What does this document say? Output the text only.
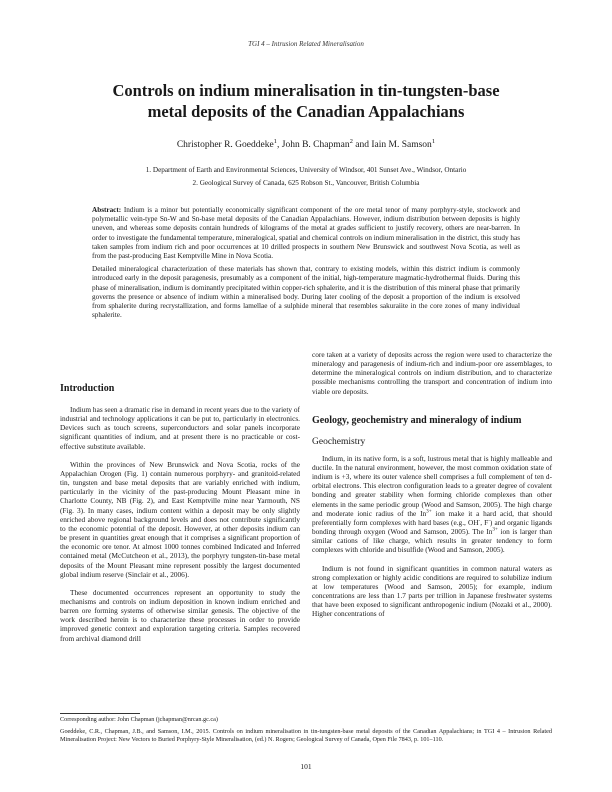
TGI 4 – Intrusion Related Mineralisation
Controls on indium mineralisation in tin-tungsten-base
metal deposits of the Canadian Appalachians
Christopher R. Goeddeke$^1$, John B. Chapman$^2$ and Iain M. Samson$^1$
1. Department of Earth and Environmental Sciences, University of Windsor, 401 Sunset Ave., Windsor, Ontario
2. Geological Survey of Canada, 625 Robson St., Vancouver, British Columbia

Abstract: Indium is a minor but potentially economically significant component of the ore metal tenor of many porphyry-style, stockwork and polymetallic vein-type Sn-W and Sn-base metal deposits of the Canadian Appalachians. However, indium distribution between deposits is highly uneven, and whereas some deposits contain hundreds of kilograms of the metal at grades sufficient to justify recovery, others are near-barren. In order to investigate the fundamental temperature, mineralogical, spatial and chemical controls on indium mineralisation in the district, this study has taken samples from indium rich and poor occurrences at 10 drilled prospects in southern New Brunswick and southwest Nova Scotia, as well as from the past-producing East Kemptville Mine in Nova Scotia.

Detailed mineralogical characterization of these materials has shown that, contrary to existing models, within this district indium is commonly introduced early in the deposit paragenesis, presumably as a component of the initial, high-temperature magmatic-hydrothermal fluids. During this phase of mineralisation, indium is dominantly precipitated within copper-rich sphalerite, and it is the distribution of this mineral phase that primarily governs the presence or absence of indium within a mineralised body. During later cooling of the deposit a proportion of the indium is exsolved from sphalerite during recrystallization, and forms lamellae of a sulphide mineral that resembles sakuraiite in the core zones of many individual sphalerite.

Introduction

Indium has seen a dramatic rise in demand in recent years due to the variety of industrial and technology applications it can be put to, particularly in electronics. Devices such as touch screens, superconductors and solar panels incorporate significant quantities of indium, and at present there is no practicable or cost-effective substitute available.

Within the provinces of New Brunswick and Nova Scotia, rocks of the Appalachian Orogen (Fig. 1) contain numerous porphyry- and granitoid-related tin, tungsten and base metal deposits that are variably enriched with indium, particularly in the vicinity of the past-producing Mount Pleasant mine in Charlotte County, NB (Fig. 2), and East Kemptville mine near Yarmouth, NS (Fig. 3). In many cases, indium content within a deposit may be only slightly enriched above regional background levels and does not contribute significantly to the economic potential of the deposit. However, at other deposits indium can be present in quantities great enough that it comprises a significant proportion of the economic ore tenor. At almost 1000 tonnes combined Indicated and Inferred contained metal (McCutcheon et al., 2013), the porphyry tungsten-tin-base metal deposits of the Mount Pleasant mine represent possibly the largest documented global indium reserve (Sinclair et al., 2006).

These documented occurrences represent an opportunity to study the mechanisms and controls on indium deposition in known indium enriched and barren ore forming systems of otherwise similar genesis. The objective of the work described herein is to characterize these processes in order to provide improved genetic context and exploration targeting criteria. Samples recovered from archival diamond drill

core taken at a variety of deposits across the region were used to characterize the mineralogy and paragenesis of indium-rich and indium-poor ore assemblages, to determine the mineralogical controls on indium distribution, and to characterize possible mechanisms controlling the transport and concentration of indium into viable ore deposits.

Geology, geochemistry and mineralogy of indium
Geochemistry

Indium, in its native form, is a soft, lustrous metal that is highly malleable and ductile. In the natural environment, however, the most common oxidation state of indium is +3, where its outer valence shell comprises a full complement of ten d-orbital electrons. This electron configuration leads to a greater degree of covalent bonding and greater stability when forming chloride complexes than other elements in the same periodic group (Wood and Samson, 2005). The high charge and moderate ionic radius of the $In^{3+}$ ion make it a hard acid, that should preferentially form complexes with hard bases (e.g., OH-, F-) and organic ligands bonding through oxygen (Wood and Samson, 2005). The $In^{3+}$ ion is larger than similar cations of like charge, which results in greater tendency to form complexes with chloride and bisulfide (Wood and Samson, 2005).

Indium is not found in significant quantities in common natural waters as strong complexation or highly acidic conditions are required to solubilize indium at low temperatures (Wood and Samson, 2005); for example, indium concentrations are less than 1.7 parts per trillion in Japanese freshwater systems that have been exposed to significant anthropogenic indium (Nozaki et al., 2000). Higher concentrations of

Corresponding author: John Chapman (jchapman@nrcan.gc.ca)
Goeddeke, C.R., Chapman, J.B., and Samson, I.M., 2015. Controls on indium mineralisation in tin-tungsten-base metal deposits of the Canadian Appalachians; in TGI 4 – Intrusion Related Mineralisation Project: New Vectors to Buried Porphyry-Style Mineralisation, (ed.) N. Rogers; Geological Survey of Canada, Open File 7843, p. 101–110.
101
